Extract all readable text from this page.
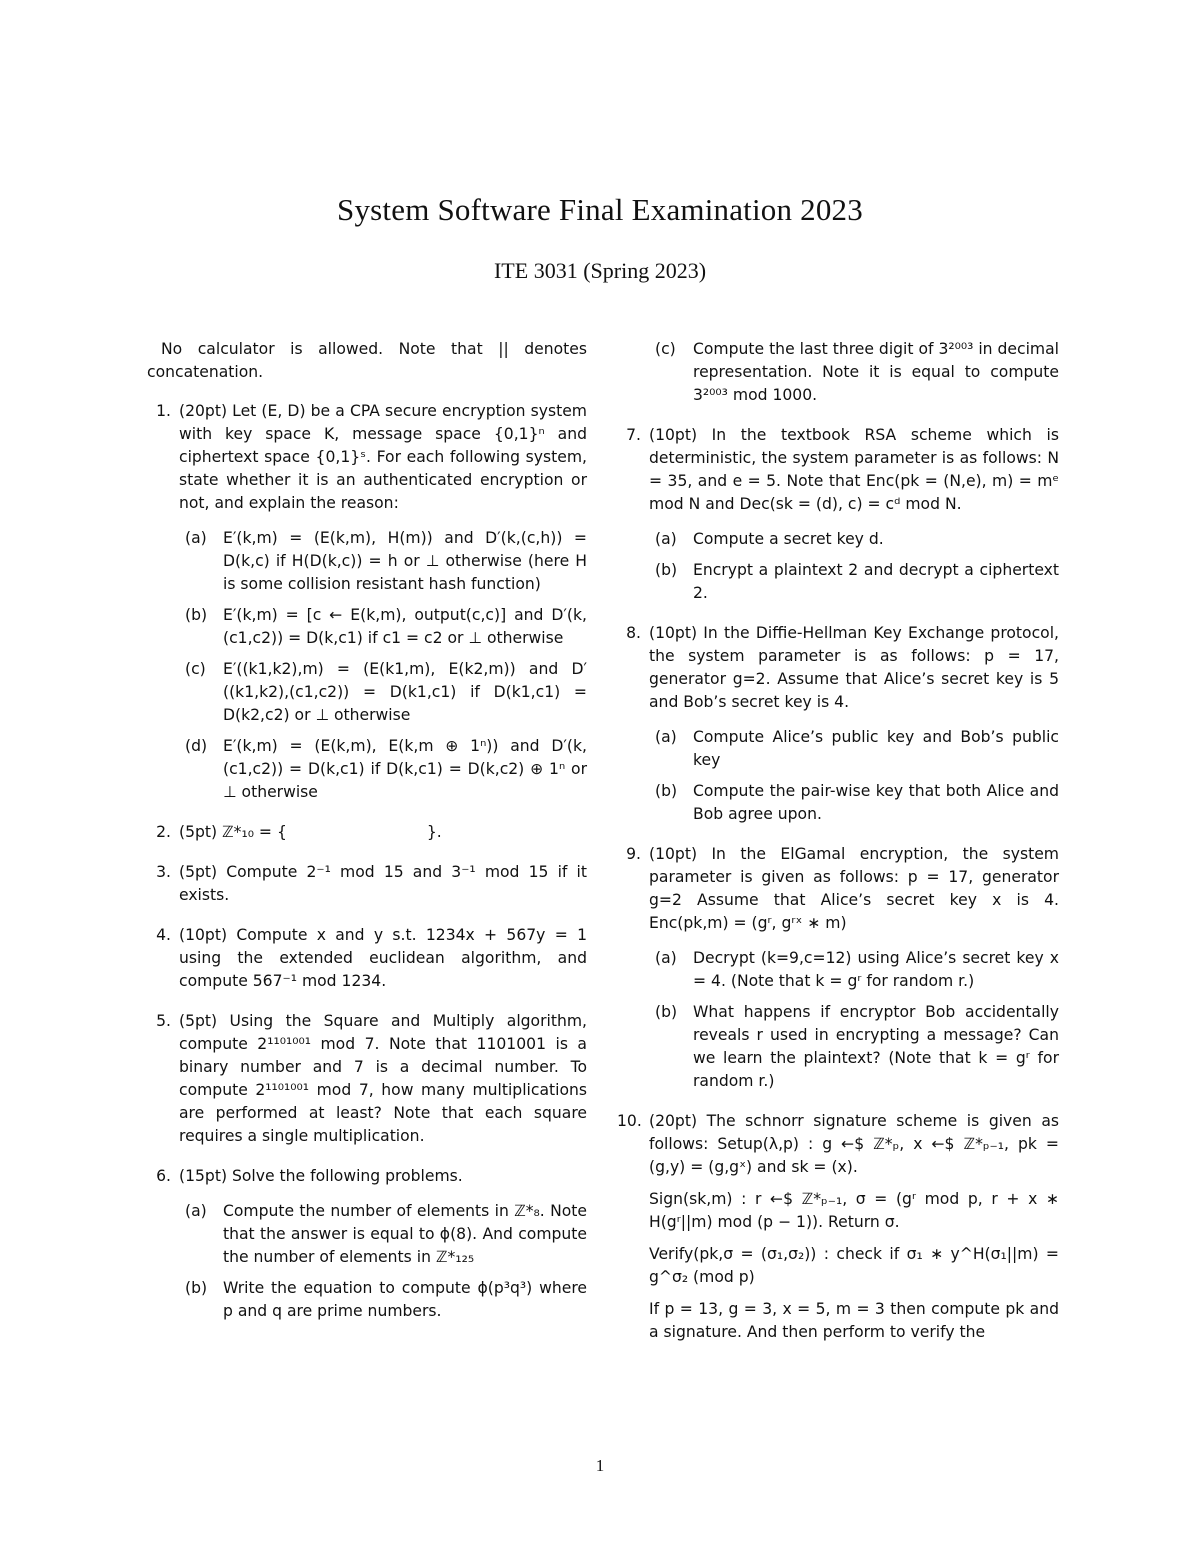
System Software Final Examination 2023
ITE 3031 (Spring 2023)

No calculator is allowed. Note that || denotes concatenation.

1. (20pt) Let (E, D) be a CPA secure encryption system with key space K, message space {0,1}ⁿ and ciphertext space {0,1}ˢ. For each following system, state whether it is an authenticated encryption or not, and explain the reason:
(a)	E′(k,m) = (E(k,m), H(m)) and D′(k,(c,h)) = D(k,c) if H(D(k,c)) = h or ⊥ otherwise (here H is some collision resistant hash function)
(b)	E′(k,m) = [c ← E(k,m), output(c,c)] and D′(k,(c1,c2)) = D(k,c1) if c1 = c2 or ⊥ otherwise
(c)	E′((k1,k2),m) = (E(k1,m), E(k2,m)) and D′((k1,k2),(c1,c2)) = D(k1,c1) if D(k1,c1) = D(k2,c2) or ⊥ otherwise
(d)	E′(k,m) = (E(k,m), E(k,m ⊕ 1ⁿ)) and D′(k,(c1,c2)) = D(k,c1) if D(k,c1) = D(k,c2) ⊕ 1ⁿ or ⊥ otherwise
2. (5pt) ℤ*₁₀ = {	}.
3. (5pt) Compute 2⁻¹ mod 15 and 3⁻¹ mod 15 if it exists.
4. (10pt) Compute x and y s.t. 1234x + 567y = 1 using the extended euclidean algorithm, and compute 567⁻¹ mod 1234.
5. (5pt) Using the Square and Multiply algorithm, compute 2¹¹⁰¹⁰⁰¹ mod 7. Note that 1101001 is a binary number and 7 is a decimal number. To compute 2¹¹⁰¹⁰⁰¹ mod 7, how many multiplications are performed at least? Note that each square requires a single multiplication.
6. (15pt) Solve the following problems.
(a)	Compute the number of elements in ℤ*₈. Note that the answer is equal to ϕ(8). And compute the number of elements in ℤ*₁₂₅
(b)	Write the equation to compute ϕ(p³q³) where p and q are prime numbers.
(c)	Compute the last three digit of 3²⁰⁰³ in decimal representation. Note it is equal to compute 3²⁰⁰³ mod 1000.
7. (10pt) In the textbook RSA scheme which is deterministic, the system parameter is as follows: N = 35, and e = 5. Note that Enc(pk = (N,e), m) = mᵉ mod N and Dec(sk = (d), c) = cᵈ mod N.
(a)	Compute a secret key d.
(b)	Encrypt a plaintext 2 and decrypt a ciphertext 2.
8. (10pt) In the Diffie-Hellman Key Exchange protocol, the system parameter is as follows: p = 17, generator g=2. Assume that Alice’s secret key is 5 and Bob’s secret key is 4.
(a)	Compute Alice’s public key and Bob’s public key
(b)	Compute the pair-wise key that both Alice and Bob agree upon.
9. (10pt) In the ElGamal encryption, the system parameter is given as follows: p = 17, generator g=2 Assume that Alice’s secret key x is 4. Enc(pk,m) = (gʳ, gʳˣ ∗ m)
(a)	Decrypt (k=9,c=12) using Alice’s secret key x = 4. (Note that k = gʳ for random r.)
(b)	What happens if encryptor Bob accidentally reveals r used in encrypting a message? Can we learn the plaintext? (Note that k = gʳ for random r.)
10. (20pt) The schnorr signature scheme is given as follows: Setup(λ,p) : g ←$ ℤ*ₚ, x ←$ ℤ*ₚ₋₁, pk = (g,y) = (g,gˣ) and sk = (x).
Sign(sk,m) : r ←$ ℤ*ₚ₋₁, σ = (gʳ mod p, r + x ∗ H(gʳ||m) mod (p − 1)). Return σ.
Verify(pk,σ = (σ₁,σ₂)) : check if σ₁ ∗ y^H(σ₁||m) = g^σ₂ (mod p)
If p = 13, g = 3, x = 5, m = 3 then compute pk and a signature. And then perform to verify the
1
